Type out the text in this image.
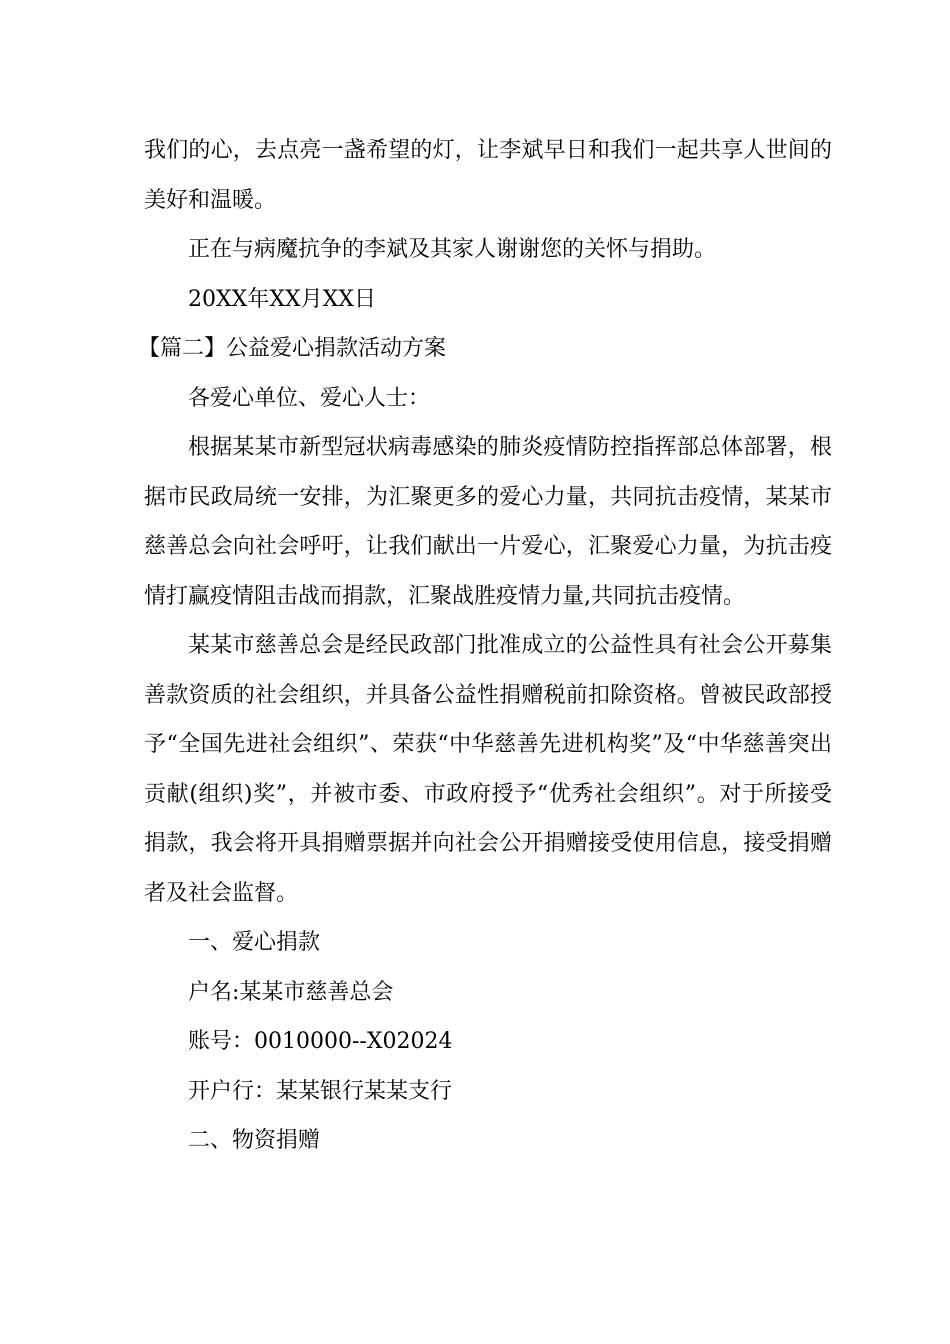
我们的心，去点亮一盏希望的灯，让李斌早日和我们一起共享人世间的美好和温暖。

正在与病魔抗争的李斌及其家人谢谢您的关怀与捐助。

20XX年XX月XX日

【篇二】公益爱心捐款活动方案

各爱心单位、爱心人士：

根据某某市新型冠状病毒感染的肺炎疫情防控指挥部总体部署，根据市民政局统一安排，为汇聚更多的爱心力量，共同抗击疫情，某某市慈善总会向社会呼吁，让我们献出一片爱心，汇聚爱心力量，为抗击疫情打赢疫情阻击战而捐款，汇聚战胜疫情力量,共同抗击疫情。

某某市慈善总会是经民政部门批准成立的公益性具有社会公开募集善款资质的社会组织，并具备公益性捐赠税前扣除资格。曾被民政部授予“全国先进社会组织”、荣获“中华慈善先进机构奖”及“中华慈善突出贡献(组织)奖”，并被市委、市政府授予“优秀社会组织”。对于所接受捐款，我会将开具捐赠票据并向社会公开捐赠接受使用信息，接受捐赠者及社会监督。

一、爱心捐款

户名:某某市慈善总会

账号：0010000--X02024

开户行：某某银行某某支行

二、物资捐赠
